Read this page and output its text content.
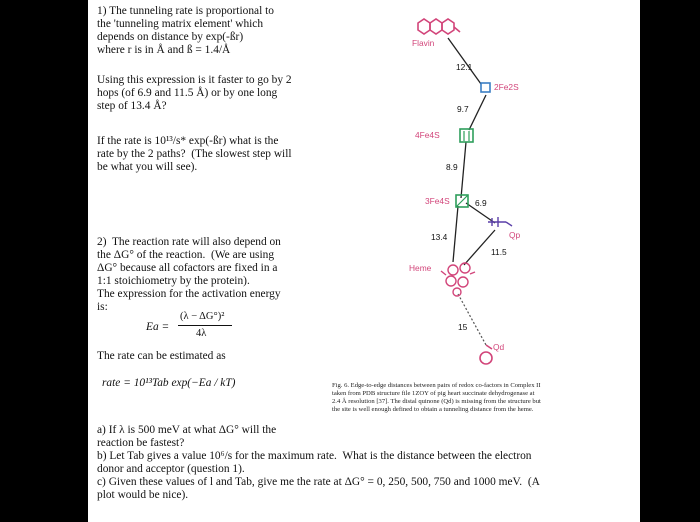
1) The tunneling rate is proportional to
the 'tunneling matrix element' which
depends on distance by exp(-ßr)
where r is in Å and ß = 1.4/Å
Using this expression is it faster to go by 2
hops (of 6.9 and 11.5 Å) or by one long
step of 13.4 Å?
If the rate is 10¹³/s* exp(-ßr) what is the
rate by the 2 paths?  (The slowest step will
be what you will see).
2)  The reaction rate will also depend on
the ΔG° of the reaction.  (We are using
ΔG° because all cofactors are fixed in a
1:1 stoichiometry by the protein).
The expression for the activation energy
is:
Ea =
(λ − ΔG°)²
4λ
The rate can be estimated as
rate = 10¹³Tab exp(−Ea / kT)
a) If λ is 500 meV at what ΔG° will the
reaction be fastest?
b) Let Tab gives a value 10⁶/s for the maximum rate.  What is the distance between the electron
donor and acceptor (question 1).
c) Given these values of l and Tab, give me the rate at ΔG° = 0, 250, 500, 750 and 1000 meV.  (A
plot would be nice).
Flavin
2Fe2S
4Fe4S
3Fe4S
Qp
Heme
Qd
12.1
9.7
8.9
6.9
13.4
11.5
15
Fig. 6. Edge-to-edge distances between pairs of redox co-factors in Complex II
taken from PDB structure file 1ZOY of pig heart succinate dehydrogenase at
2.4 Å resolution [37]. The distal quinone (Qd) is missing from the structure but
the site is well enough defined to obtain a tunneling distance from the heme.
